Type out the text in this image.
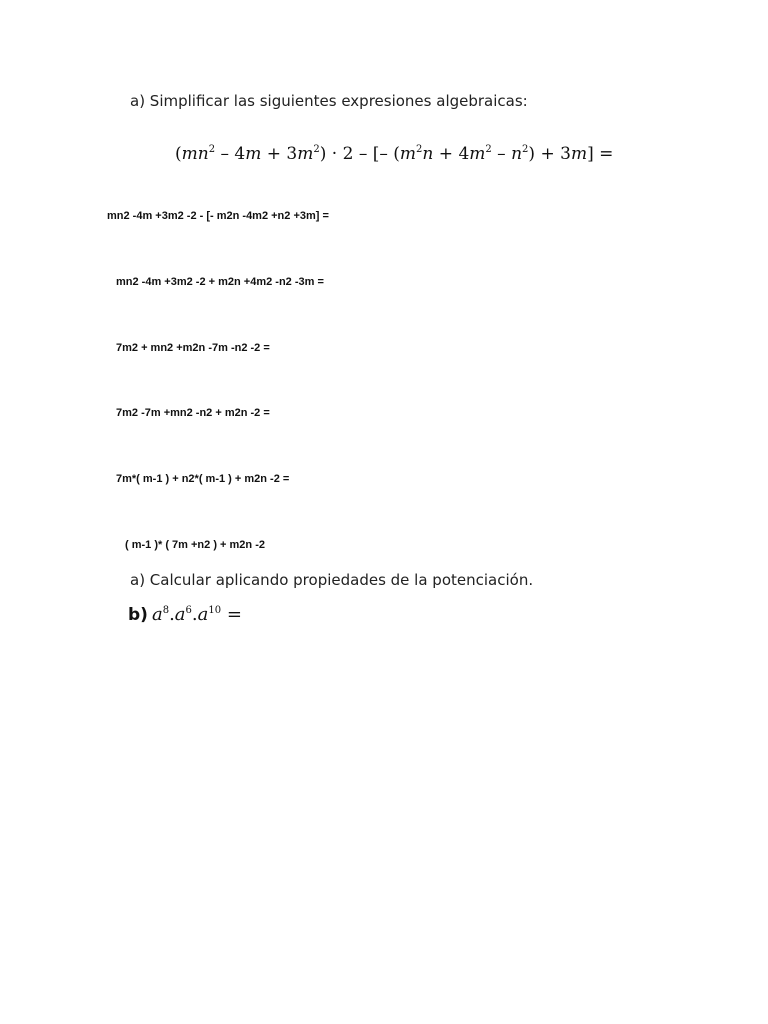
a) Simplificar las siguientes expresiones algebraicas:
$(mn^2 - 4m + 3m^2) \cdot 2$ – [– $(m^2n + 4m^2 - n^2) + 3m$] =
mn2 -4m +3m2 -2 - [- m2n -4m2 +n2 +3m] =
mn2 -4m +3m2 -2 + m2n +4m2 -n2 -3m =
7m2 + mn2 +m2n -7m -n2 -2 =
7m2 -7m +mn2 -n2 + m2n -2 =
7m*( m-1 ) + n2*( m-1 ) + m2n -2 =
( m-1 )* ( 7m +n2 ) + m2n -2
a) Calcular aplicando propiedades de la potenciación.
b) $a^8.a^6.a^{10}$ =
